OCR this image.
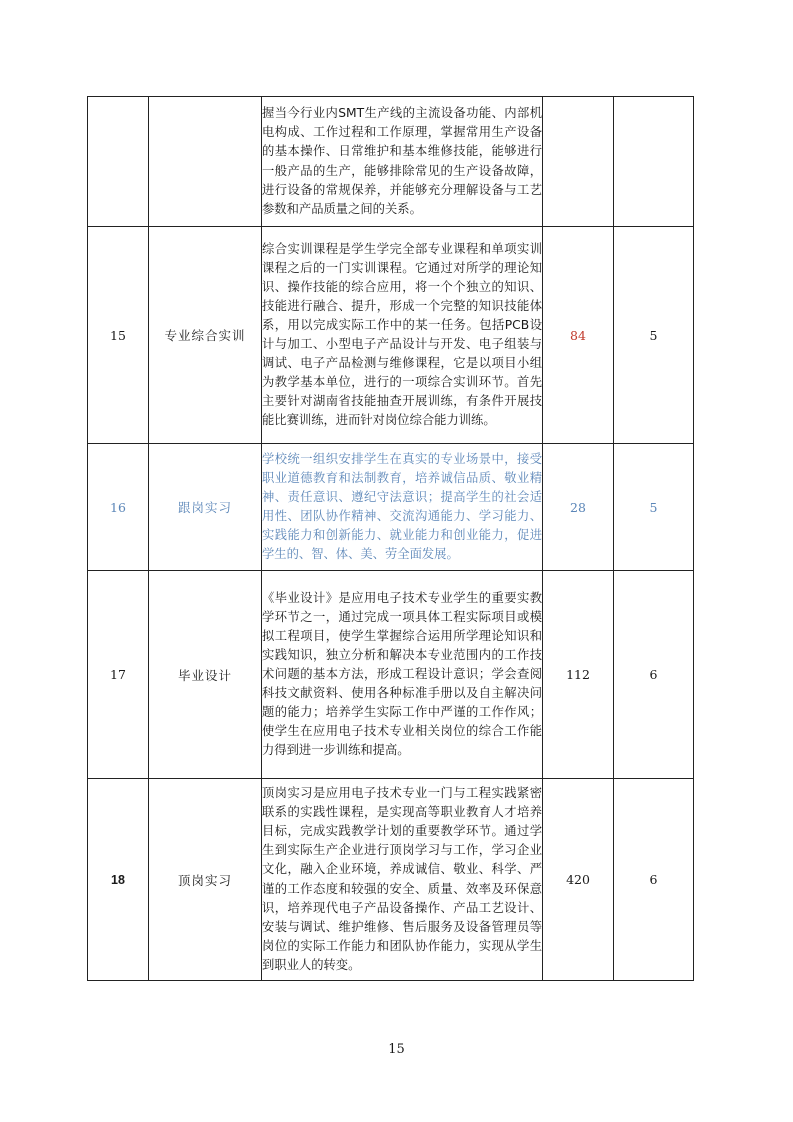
		握当今行业内SMT生产线的主流设备功能、内部机电构成、工作过程和工作原理，掌握常用生产设备的基本操作、日常维护和基本维修技能，能够进行一般产品的生产，能够排除常见的生产设备故障，进行设备的常规保养，并能够充分理解设备与工艺参数和产品质量之间的关系。		
15	专业综合实训	综合实训课程是学生学完全部专业课程和单项实训课程之后的一门实训课程。它通过对所学的理论知识、操作技能的综合应用，将一个个独立的知识、技能进行融合、提升，形成一个完整的知识技能体系，用以完成实际工作中的某一任务。包括PCB设计与加工、小型电子产品设计与开发、电子组装与调试、电子产品检测与维修课程，它是以项目小组为教学基本单位，进行的一项综合实训环节。首先主要针对湖南省技能抽查开展训练，有条件开展技能比赛训练，进而针对岗位综合能力训练。	84	5
16	跟岗实习	学校统一组织安排学生在真实的专业场景中，接受职业道德教育和法制教育，培养诚信品质、敬业精神、责任意识、遵纪守法意识；提高学生的社会适用性、团队协作精神、交流沟通能力、学习能力、实践能力和创新能力、就业能力和创业能力，促进学生的、智、体、美、劳全面发展。	28	5
17	毕业设计	《毕业设计》是应用电子技术专业学生的重要实教学环节之一，通过完成一项具体工程实际项目或模拟工程项目，使学生掌握综合运用所学理论知识和实践知识，独立分析和解决本专业范围内的工作技术问题的基本方法，形成工程设计意识；学会查阅科技文献资料、使用各种标准手册以及自主解决问题的能力；培养学生实际工作中严谨的工作作风；使学生在应用电子技术专业相关岗位的综合工作能力得到进一步训练和提高。	112	6
18	顶岗实习	顶岗实习是应用电子技术专业一门与工程实践紧密联系的实践性课程，是实现高等职业教育人才培养目标，完成实践教学计划的重要教学环节。通过学生到实际生产企业进行顶岗学习与工作，学习企业文化，融入企业环境，养成诚信、敬业、科学、严谨的工作态度和较强的安全、质量、效率及环保意识，培养现代电子产品设备操作、产品工艺设计、安装与调试、维护维修、售后服务及设备管理员等岗位的实际工作能力和团队协作能力，实现从学生到职业人的转变。	420	6
15
